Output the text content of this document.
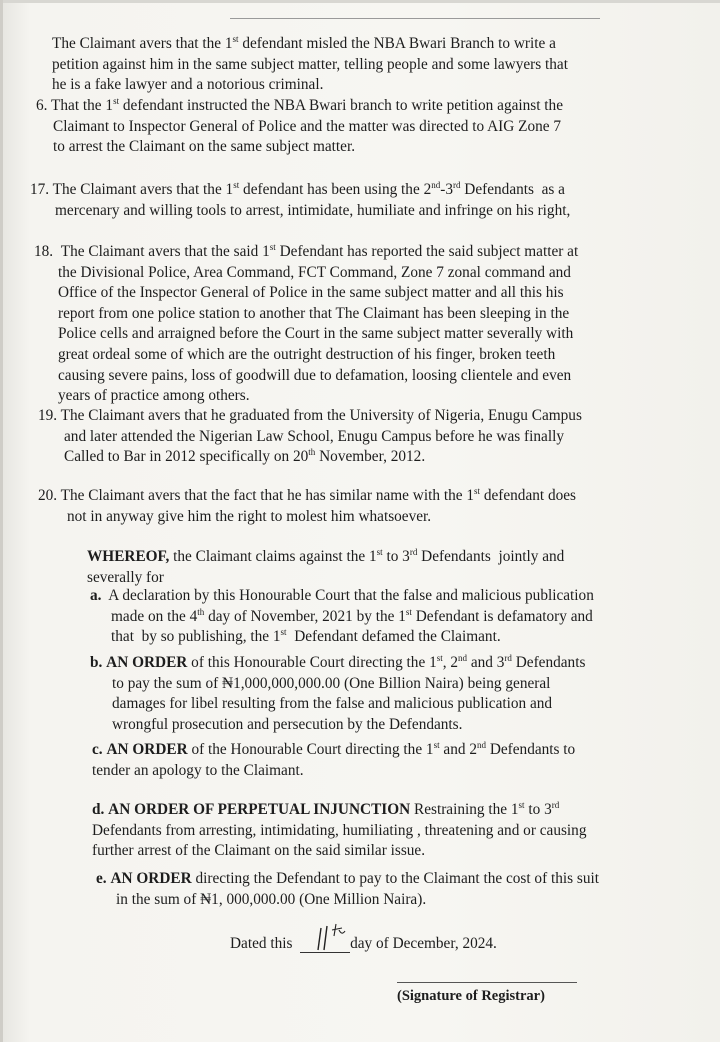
The Claimant avers that the 1st defendant misled the NBA Bwari Branch to write a
petition against him in the same subject matter, telling people and some lawyers that
he is a fake lawyer and a notorious criminal.
6. That the 1st defendant instructed the NBA Bwari branch to write petition against the
Claimant to Inspector General of Police and the matter was directed to AIG Zone 7
to arrest the Claimant on the same subject matter.
17. The Claimant avers that the 1st defendant has been using the 2nd-3rd Defendants  as a
mercenary and willing tools to arrest, intimidate, humiliate and infringe on his right,
18.  The Claimant avers that the said 1st Defendant has reported the said subject matter at
the Divisional Police, Area Command, FCT Command, Zone 7 zonal command and
Office of the Inspector General of Police in the same subject matter and all this his
report from one police station to another that The Claimant has been sleeping in the
Police cells and arraigned before the Court in the same subject matter severally with
great ordeal some of which are the outright destruction of his finger, broken teeth
causing severe pains, loss of goodwill due to defamation, loosing clientele and even
years of practice among others.
19. The Claimant avers that he graduated from the University of Nigeria, Enugu Campus
and later attended the Nigerian Law School, Enugu Campus before he was finally
Called to Bar in 2012 specifically on 20th November, 2012.
20. The Claimant avers that the fact that he has similar name with the 1st defendant does
not in anyway give him the right to molest him whatsoever.
WHEREOF, the Claimant claims against the 1st to 3rd Defendants  jointly and
severally for
a.  A declaration by this Honourable Court that the false and malicious publication
made on the 4th day of November, 2021 by the 1st Defendant is defamatory and
that  by so publishing, the 1st  Defendant defamed the Claimant.
b. AN ORDER of this Honourable Court directing the 1st, 2nd and 3rd Defendants
to pay the sum of ₦1,000,000,000.00 (One Billion Naira) being general
damages for libel resulting from the false and malicious publication and
wrongful prosecution and persecution by the Defendants.
c. AN ORDER of the Honourable Court directing the 1st and 2nd Defendants to
tender an apology to the Claimant.
d. AN ORDER OF PERPETUAL INJUNCTION Restraining the 1st to 3rd
Defendants from arresting, intimidating, humiliating , threatening and or causing
further arrest of the Claimant on the said similar issue.
e. AN ORDER directing the Defendant to pay to the Claimant the cost of this suit
in the sum of ₦1, 000,000.00 (One Million Naira).
Dated this	day of December, 2024.
(Signature of Registrar)
